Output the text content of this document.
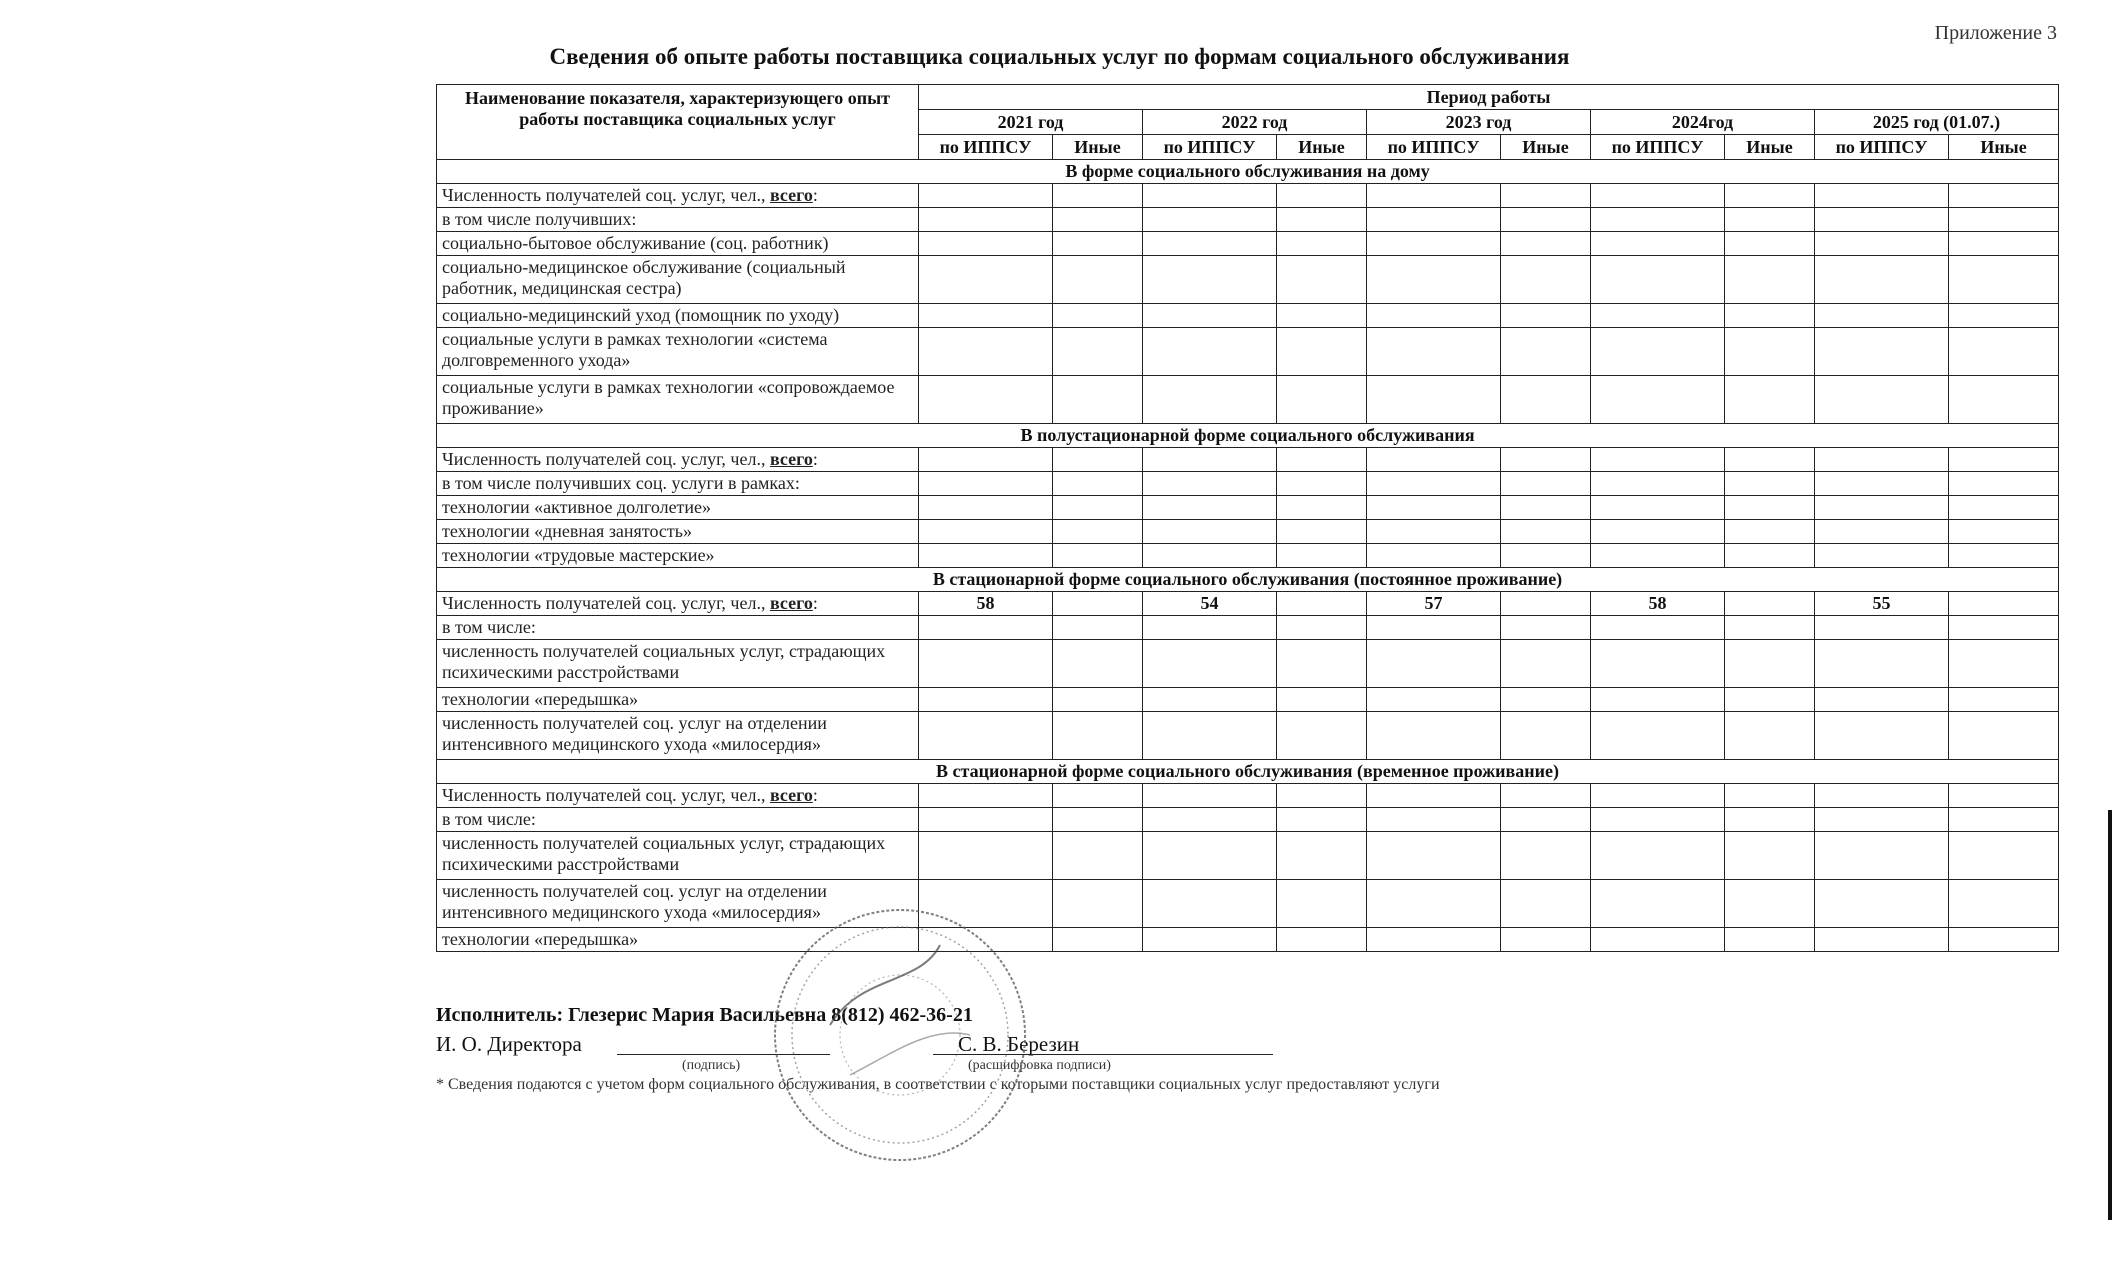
Приложение 3
Сведения об опыте работы поставщика социальных услуг по формам социального обслуживания
Наименование показателя, характеризующего опыт работы поставщика социальных услуг	Период работы									
	2021 год		2022 год		2023 год		2024год		2025 год (01.07.)	
	по ИППСУ	Иные	по ИППСУ	Иные	по ИППСУ	Иные	по ИППСУ	Иные	по ИППСУ	Иные
В форме социального обслуживания на дому										
Численность получателей соц. услуг, чел., всего:										
в том числе получивших:										
социально-бытовое обслуживание (соц. работник)										
социально-медицинское обслуживание (социальный работник, медицинская сестра)										
социально-медицинский уход (помощник по уходу)										
социальные услуги в рамках технологии «система долговременного ухода»										
социальные услуги в рамках технологии «сопровождаемое проживание»										
В полустационарной форме социального обслуживания										
Численность получателей соц. услуг, чел., всего:										
в том числе получивших соц. услуги в рамках:										
технологии «активное долголетие»										
технологии «дневная занятость»										
технологии «трудовые мастерские»										
В стационарной форме социального обслуживания (постоянное проживание)										
Численность получателей соц. услуг, чел., всего:	58		54		57		58		55	
в том числе:										
численность получателей социальных услуг, страдающих психическими расстройствами										
технологии «передышка»										
численность получателей соц. услуг на отделении интенсивного медицинского ухода «милосердия»										
В стационарной форме социального обслуживания (временное проживание)										
Численность получателей соц. услуг, чел., всего:										
в том числе:										
численность получателей социальных услуг, страдающих психическими расстройствами										
численность получателей соц. услуг на отделении интенсивного медицинского ухода «милосердия»										
технологии «передышка»										
Исполнитель: Глезерис Мария Васильевна 8(812) 462-36-21
И. О. Директора
(подпись)
С. В. Березин
(расшифровка подписи)
* Сведения подаются с учетом форм социального обслуживания, в соответствии с которыми поставщики социальных услуг предоставляют услуги
